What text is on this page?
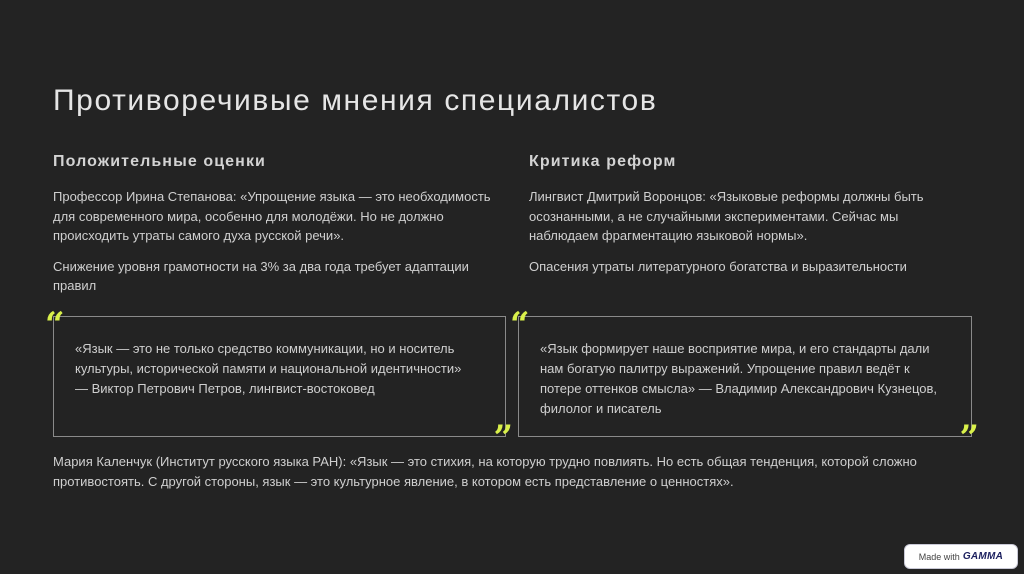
Противоречивые мнения специалистов
Положительные оценки

Профессор Ирина Степанова: «Упрощение языка — это необходимость для современного мира, особенно для молодёжи. Но не должно происходить утраты самого духа русской речи».

Снижение уровня грамотности на 3% за два года требует адаптации правил

Критика реформ

Лингвист Дмитрий Воронцов: «Языковые реформы должны быть осознанными, а не случайными экспериментами. Сейчас мы наблюдаем фрагментацию языковой нормы».

Опасения утраты литературного богатства и выразительности

“
«Язык — это не только средство коммуникации, но и носитель культуры, исторической памяти и национальной идентичности» — Виктор Петрович Петров, лингвист-востоковед
”
“
«Язык формирует наше восприятие мира, и его стандарты дали нам богатую палитру выражений. Упрощение правил ведёт к потере оттенков смысла» — Владимир Александрович Кузнецов, филолог и писатель
”

Мария Каленчук (Институт русского языка РАН): «Язык — это стихия, на которую трудно повлиять. Но есть общая тенденция, которой сложно противостоять. С другой стороны, язык — это культурное явление, в котором есть представление о ценностях».

Made with GAMMA
